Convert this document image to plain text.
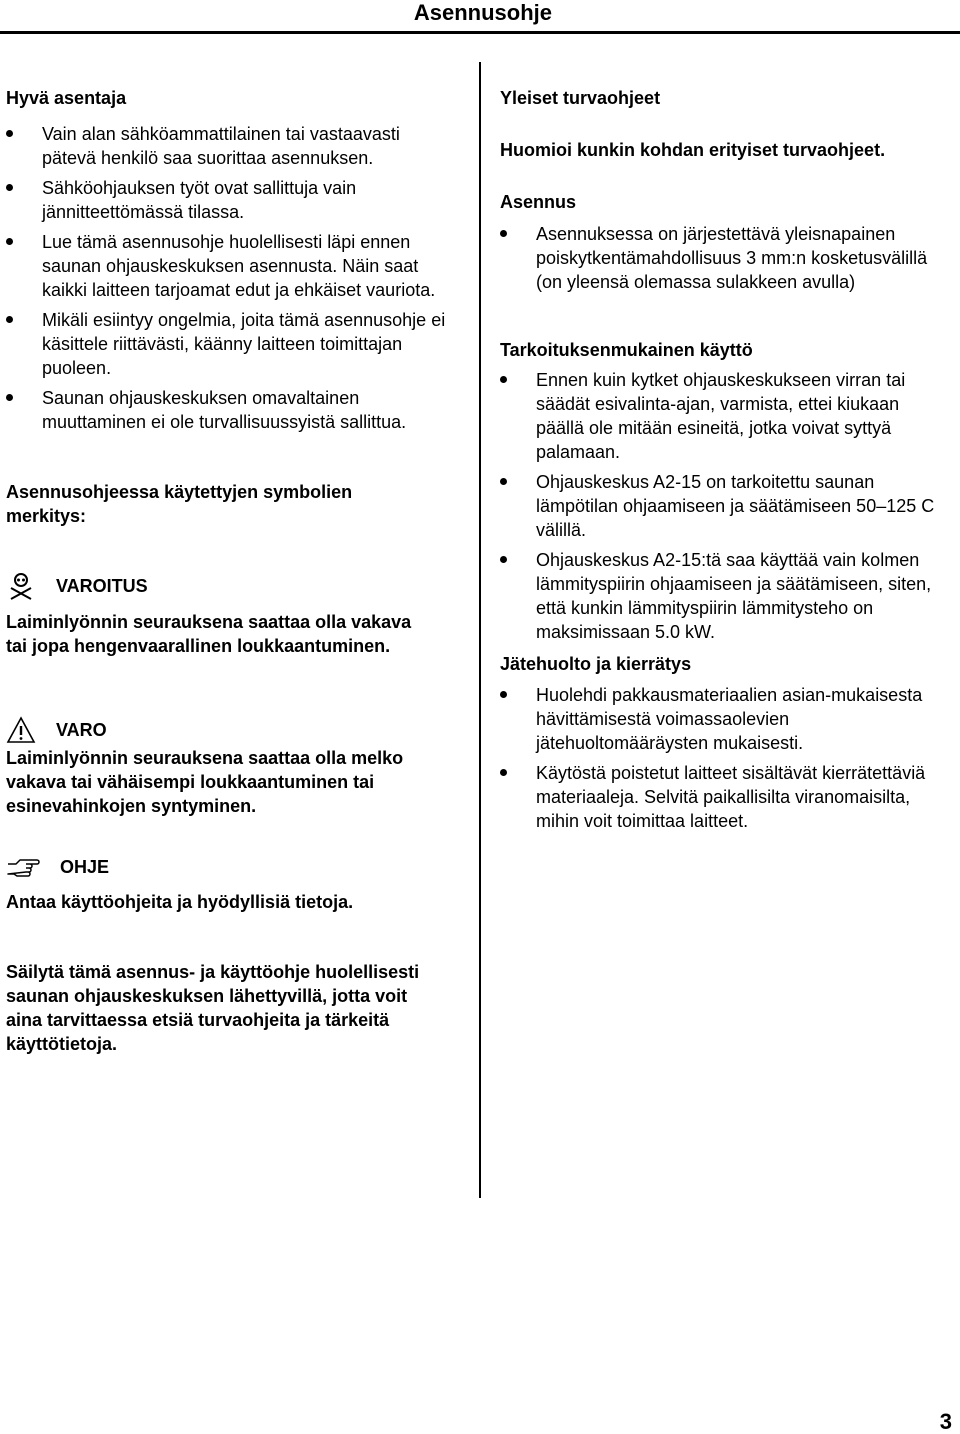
Asennusohje
Hyvä asentaja
Vain alan sähköammattilainen tai vastaavasti pätevä henkilö saa suorittaa asennuksen.
Sähköohjauksen työt ovat sallittuja vain jännitteettömässä tilassa.
Lue tämä asennusohje huolellisesti läpi ennen saunan ohjauskeskuksen asennusta. Näin saat kaikki laitteen tarjoamat edut ja ehkäiset vauriota.
Mikäli esiintyy ongelmia, joita tämä asennusohje ei käsittele riittävästi, käänny laitteen toimittajan puoleen.
Saunan ohjauskeskuksen omavaltainen muuttaminen ei ole turvallisuussyistä sallittua.
Asennusohjeessa käytettyjen symbolien merkitys:
VAROITUS
Laiminlyönnin seurauksena saattaa olla vakava tai jopa hengenvaarallinen loukkaantuminen.
VARO
Laiminlyönnin seurauksena saattaa olla melko vakava tai vähäisempi loukkaantuminen tai esinevahinkojen syntyminen.
OHJE
Antaa käyttöohjeita ja hyödyllisiä tietoja.
Säilytä tämä asennus- ja käyttöohje huolellisesti saunan ohjauskeskuksen lähettyvillä, jotta voit aina tarvittaessa etsiä turvaohjeita ja tärkeitä käyttötietoja.
Yleiset turvaohjeet
Huomioi kunkin kohdan erityiset turvaohjeet.
Asennus
Asennuksessa on järjestettävä yleisnapainen poiskytkentämahdollisuus 3 mm:n kosketusvälillä (on yleensä olemassa sulakkeen avulla)
Tarkoituksenmukainen käyttö
Ennen kuin kytket ohjauskeskukseen virran tai säädät esivalinta-ajan, varmista, ettei kiukaan päällä ole mitään esineitä, jotka voivat syttyä palamaan.
Ohjauskeskus A2-15 on tarkoitettu saunan lämpötilan ohjaamiseen ja säätämiseen 50–125 C välillä.
Ohjauskeskus A2-15:tä saa käyttää vain kolmen lämmityspiirin ohjaamiseen ja säätämiseen, siten, että kunkin lämmityspiirin lämmitysteho on maksimissaan 5.0 kW.
Jätehuolto ja kierrätys
Huolehdi pakkausmateriaalien asian-mukaisesta hävittämisestä voimassaolevien jätehuoltomääräysten mukaisesti.
Käytöstä poistetut laitteet sisältävät kierrätettäviä materiaaleja. Selvitä paikallisilta viranomaisilta, mihin voit toimittaa laitteet.
3
